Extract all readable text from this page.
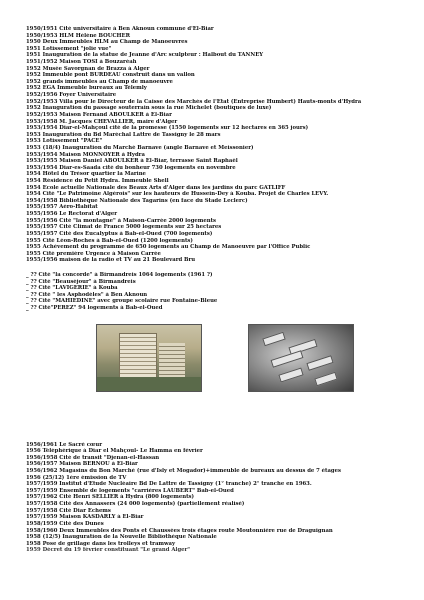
1950/1951 Cité universitaire à Ben Aknoun commune d'El-Biar
1950/1953 HLM Hélène BOUCHER
1950 Deux Immeubles HLM au Champ de Manoeuvres
1951 Lotissement "jolie vue"
1951 Inauguration de la statue de Jeanne d'Arc sculpteur : Halbout du TANNEY
1951/1952 Maison TOSI à Bouzaréah
1952 Musée Savorgnan de Brazza à Alger
1952 Immeuble pont BURDEAU construit dans un vallon
1952 grands immeubles au Champ de manoeuvre
1952 EGA Immeuble bureaux au Télemly
1952/1956 Foyer Universitaire
1952/1953 Villa pour le Directeur de la Caisse des Marchés de l'Etat (Entreprise Humbert) Hauts-monts d'Hydra
1952 Inauguration du passage souterrain sous la rue Michelet (boutiques de luxe)
1952/1953 Maison Fernand ABOULKER à El-Biar
1953/1958 M. Jacques CHEVALLIER, maire d'Alger
1953/1954 Diar-el-Mahçoul cité de la promesse (1550 logements sur 12 hectares en 365 jours)
1953 Inauguration du Bd Maréchal Lattre de Tassigny le 28 mars
1953 Lotissement "PACE"
1953 (18/4) Inauguration du Marché Barnave (angle Barnave et Meissonier)
1953/1954 Maison MONNOYER à Hydra
1953/1955 Maison Daniel ABOULKER à El-Biar, terrasse Saint Raphaël
1953/1954 Diar-es-Saada cité du bonheur 730 logements en novembre
1954 Hôtel du Trésor quartier la Marine
1954 Résidence du Petit Hydra. Immeuble Shell
1954 Ecole actuelle Nationale des Beaux Arts d'Alger dans les jardins du parc GATLIFF
1954 Cité "Le Patrimoine Algérois" sur les hauteurs de Hussein-Dey à Kouba. Projet de Charles LEVY.
1954/1958 Bibliothèque Nationale des Tagarins (en face du Stade Leclerc)
1955/1957 Aéro-Habitat
1955/1956 Le Rectorat d'Alger
1955/1956 Cité "la montagne" à Maison-Carrée 2000 logements
1955/1957 Cité Climat de France 5000 logements sur 25 hectares
1955/1957 Cité des Eucalyptus à Bab-el-Oued (700 logements)
1955 Cité Léon-Roches à Bab-el-Oued (1200 logements)
1955 Achèvement du programme de 650 logements au Champ de Manoeuvre par l'Office Public
1955 Cité première Urgence à Maison Carrée
1955/1956 maison de la radio et TV au 21 Boulevard Bru
_ ?? Cité "la concorde" à Birmandreis 1064 logements (1961 ?)
_ ?? Cité "Beauséjour" à Birmandreis
_ ?? Cité "LAVIGERIE" à Kouba
_ ?? Cité " les Asphodèles" à Ben Aknoun
_ ?? Cité "MAHIEDINE" avec groupe scolaire rue Fontaine-Bleue
_ ?? Cité"PEREZ" 94 logements à Bab-el-Oued
1956/1961 Le Sacré cœur
1956 Téléphérique à Diar el Mahçoul- Le Hamma en février
1956/1958 Cité de transit "Djenan-el-Hassan
1956/1957 Maison BERNOU à El-Biar
1956/1962 Magasins du Bon Marché (rue d'Isly et Mogador)+immeuble de bureaux au dessus de 7 étages
1956 (25/12) 1ère émission de TV
1957/1959 Institut d'Etude Nucléaire Bd De Lattre de Tassigny (1° tranche) 2° tranche en 1963.
1957/1959 Ensemble de logements "carrières LAUBERT" Bab-el-Oued
1957/1962 Cité Henri SELLIER à Hydra (800 logements)
1957/1958 Cité des Annassers (24 000 logements) (partiellement réalisé)
1957/1958 Cité Diar Echems
1957/1959 Maison KASDARLY à El-Biar
1958/1959 Cité des Dunes
1958/1960 Deux Immeubles des Ponts et Chaussées trois étages route Moutonnière rue de Draguignan
1958 (12/5) Inauguration de la Nouvelle Bibliothèque Nationale
1958 Pose de grillage dans les trolleys et tramway
1959 Décret du 19 février constituant "Le grand Alger"
